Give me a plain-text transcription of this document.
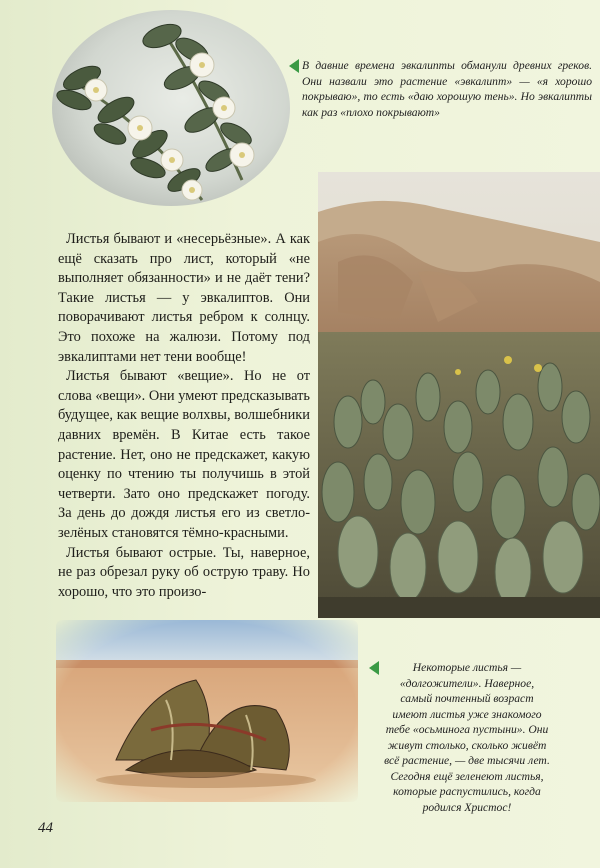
В давние времена эвкалипты обманули древних греков. Они назвали это растение «эвкалипт» — «я хорошо покрываю», то есть «даю хорошую тень». Но эвкалипты как раз «плохо покрывают»

Листья бывают и «несерьёзные». А как ещё сказать про лист, который «не выполняет обязанности» и не даёт тени? Такие листья — у эвкалиптов. Они поворачивают листья ребром к солнцу. Это похоже на жалюзи. Потому под эвкалиптами нет тени вообще!

Листья бывают «вещие». Но не от слова «вещи». Они умеют предсказывать будущее, как вещие волхвы, волшебники давних времён. В Китае есть такое растение. Нет, оно не предскажет, какую оценку по чтению ты получишь в этой четверти. Зато оно предскажет погоду. За день до дождя листья его из светло-зелёных становятся тёмно-красными.

Листья бывают острые. Ты, наверное, не раз обрезал руку об острую траву. Но хорошо, что это произо-

Некоторые листья — «долгожители». Наверное, самый почтенный возраст имеют листья уже знакомого тебе «осьминога пустыни». Они живут столько, сколько живёт всё растение, — две тысячи лет. Сегодня ещё зеленеют листья, которые распустились, когда родился Христос!
44
